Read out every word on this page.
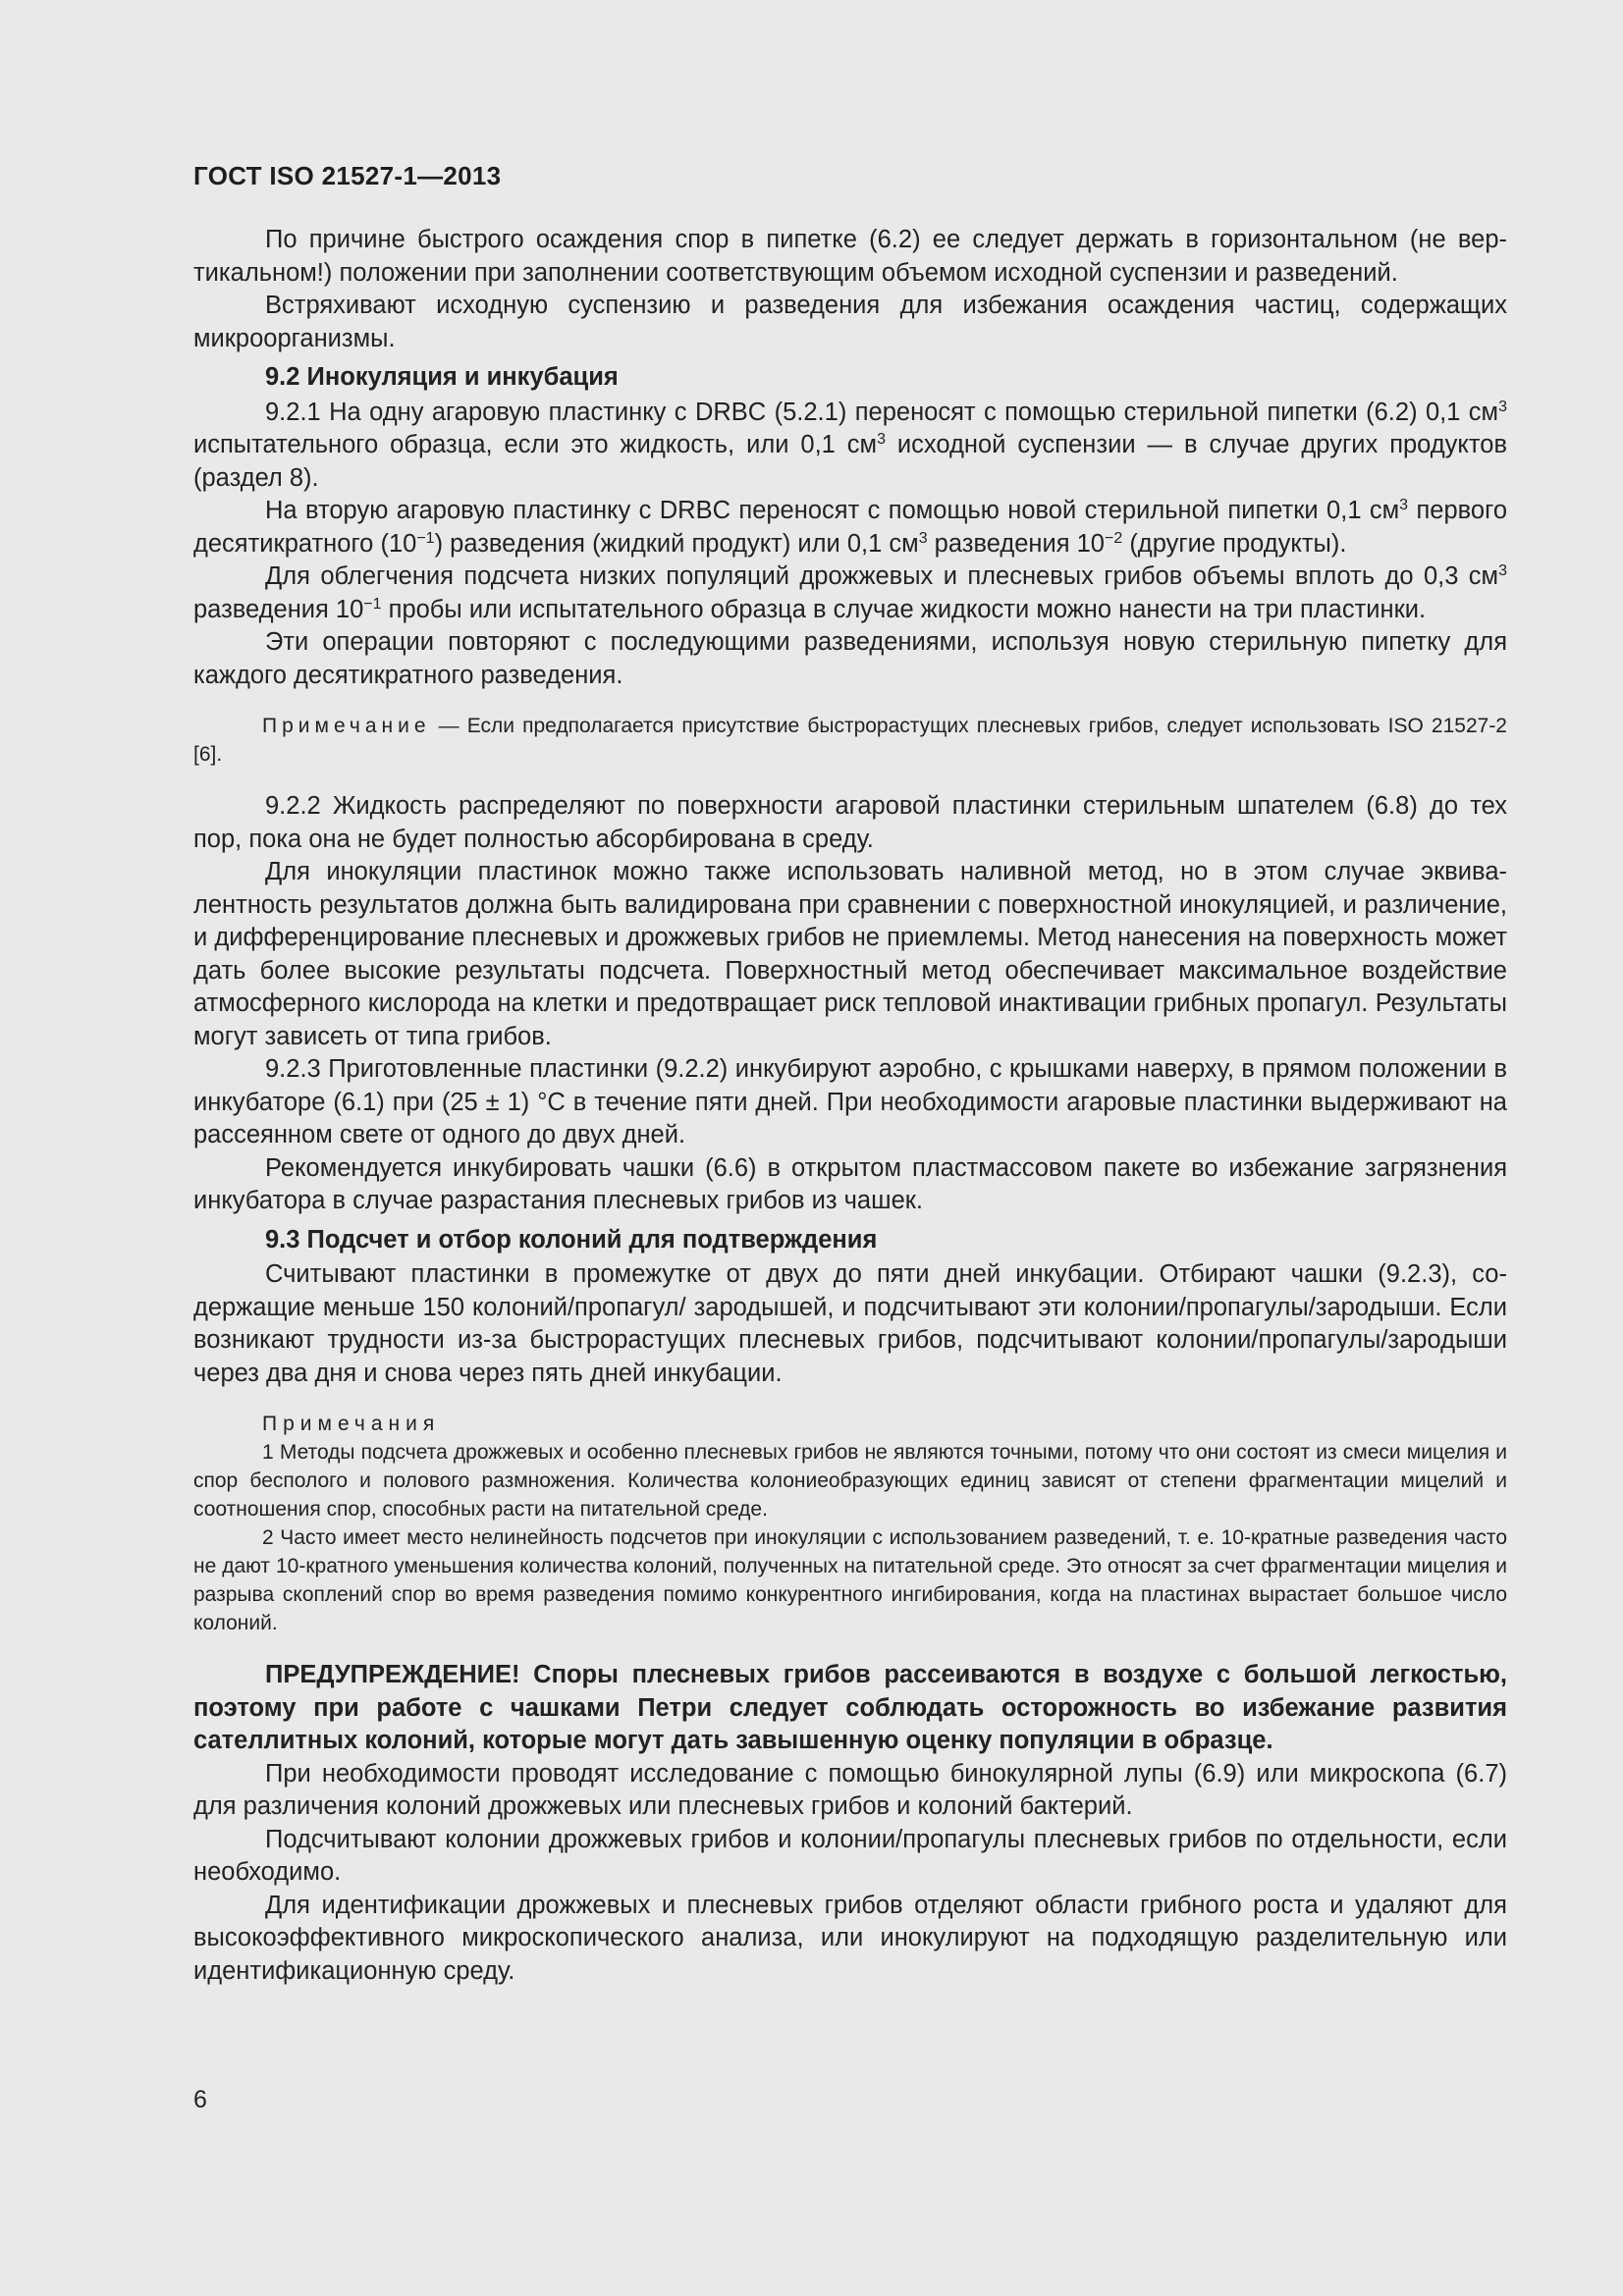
ГОСТ ISO 21527-1—2013

По причине быстрого осаждения спор в пипетке (6.2) ее следует держать в горизонтальном (не вертикальном!) положении при заполнении соответствующим объемом исходной суспензии и разведений.

Встряхивают исходную суспензию и разведения для избежания осаждения частиц, содержащих микроорганизмы.

9.2 Инокуляция и инкубация

9.2.1 На одну агаровую пластинку с DRBC (5.2.1) переносят с помощью стерильной пипетки (6.2) 0,1 $см^3$ испытательного образца, если это жидкость, или 0,1 $см^3$ исходной суспензии — в случае других продуктов (раздел 8).

На вторую агаровую пластинку с DRBC переносят с помощью новой стерильной пипетки 0,1 $см^3$ первого десятикратного $(10^{-1})$ разведения (жидкий продукт) или 0,1 $см^3$ разведения $10^{-2}$ (другие продукты).

Для облегчения подсчета низких популяций дрожжевых и плесневых грибов объемы вплоть до 0,3 $см^3$ разведения $10^{-1}$ пробы или испытательного образца в случае жидкости можно нанести на три пластинки.

Эти операции повторяют с последующими разведениями, используя новую стерильную пипетку для каждого десятикратного разведения.

Примечание — Если предполагается присутствие быстрорастущих плесневых грибов, следует использовать ISO 21527-2 [6].

9.2.2 Жидкость распределяют по поверхности агаровой пластинки стерильным шпателем (6.8) до тех пор, пока она не будет полностью абсорбирована в среду.

Для инокуляции пластинок можно также использовать наливной метод, но в этом случае эквивалентность результатов должна быть валидирована при сравнении с поверхностной инокуляцией, и различение, и дифференцирование плесневых и дрожжевых грибов не приемлемы. Метод нанесения на поверхность может дать более высокие результаты подсчета. Поверхностный метод обеспечивает максимальное воздействие атмосферного кислорода на клетки и предотвращает риск тепловой инактивации грибных пропагул. Результаты могут зависеть от типа грибов.

9.2.3 Приготовленные пластинки (9.2.2) инкубируют аэробно, с крышками наверху, в прямом положении в инкубаторе (6.1) при (25 ± 1) °С в течение пяти дней. При необходимости агаровые пластинки выдерживают на рассеянном свете от одного до двух дней.

Рекомендуется инкубировать чашки (6.6) в открытом пластмассовом пакете во избежание загрязнения инкубатора в случае разрастания плесневых грибов из чашек.

9.3 Подсчет и отбор колоний для подтверждения

Считывают пластинки в промежутке от двух до пяти дней инкубации. Отбирают чашки (9.2.3), содержащие меньше 150 колоний/пропагул/ зародышей, и подсчитывают эти колонии/пропагулы/зародыши. Если возникают трудности из-за быстрорастущих плесневых грибов, подсчитывают колонии/пропагулы/зародыши через два дня и снова через пять дней инкубации.

Примечания

1 Методы подсчета дрожжевых и особенно плесневых грибов не являются точными, потому что они состоят из смеси мицелия и спор бесполого и полового размножения. Количества колониеобразующих единиц зависят от степени фрагментации мицелий и соотношения спор, способных расти на питательной среде.

2 Часто имеет место нелинейность подсчетов при инокуляции с использованием разведений, т. е. 10-кратные разведения часто не дают 10-кратного уменьшения количества колоний, полученных на питательной среде. Это относят за счет фрагментации мицелия и разрыва скоплений спор во время разведения помимо конкурентного ингибирования, когда на пластинах вырастает большое число колоний.

ПРЕДУПРЕЖДЕНИЕ! Споры плесневых грибов рассеиваются в воздухе с большой легкостью, поэтому при работе с чашками Петри следует соблюдать осторожность во избежание развития сателлитных колоний, которые могут дать завышенную оценку популяции в образце.

При необходимости проводят исследование с помощью бинокулярной лупы (6.9) или микроскопа (6.7) для различения колоний дрожжевых или плесневых грибов и колоний бактерий.

Подсчитывают колонии дрожжевых грибов и колонии/пропагулы плесневых грибов по отдельности, если необходимо.

Для идентификации дрожжевых и плесневых грибов отделяют области грибного роста и удаляют для высокоэффективного микроскопического анализа, или инокулируют на подходящую разделительную или идентификационную среду.

6
